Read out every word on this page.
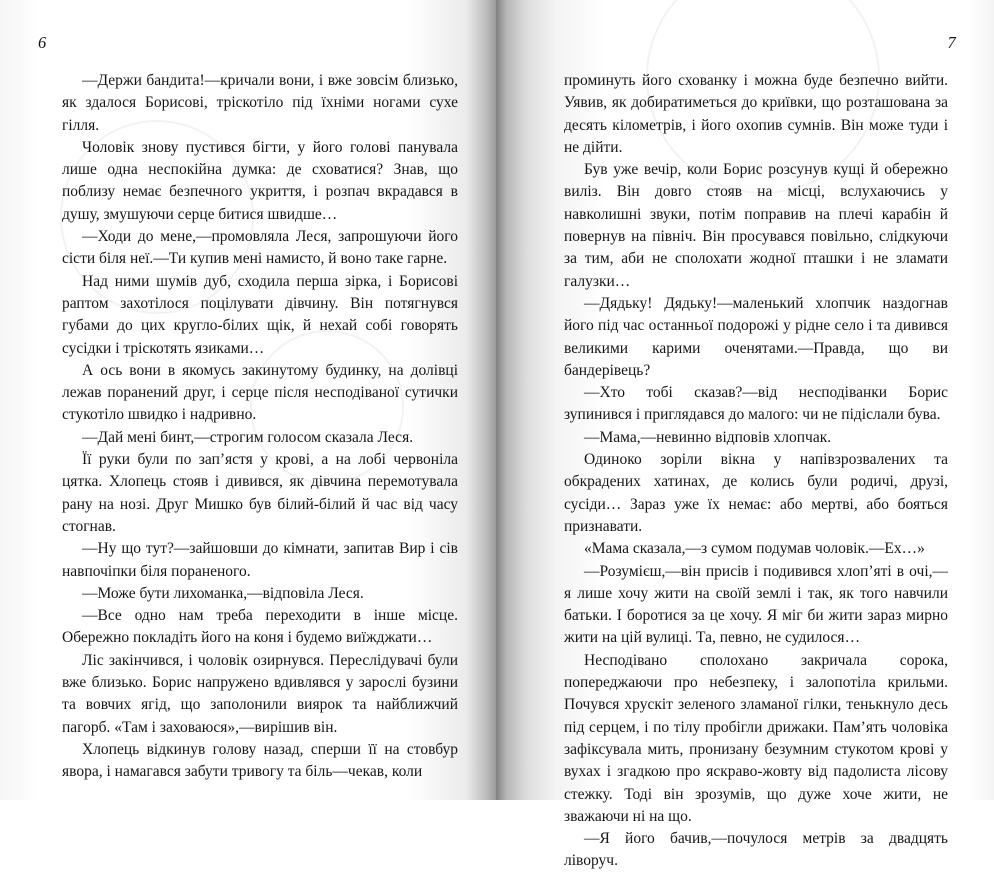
6

—Держи бандита!—кричали вони, і вже зовсім близько, як здалося Борисові, тріскотіло під їхніми ногами сухе гілля.

Чоловік знову пустився бігти, у його голові панувала лише одна неспокійна думка: де сховатися? Знав, що поблизу немає безпечного укриття, і розпач вкрадався в душу, змушуючи серце битися швидше…

—Ходи до мене,—промовляла Леся, запрошуючи його сісти біля неї.—Ти купив мені намисто, й воно таке гарне.

Над ними шумів дуб, сходила перша зірка, і Борисові раптом захотілося поцілувати дівчину. Він потягнувся губами до цих кругло-білих щік, й нехай собі говорять сусідки і тріскотять язиками…

А ось вони в якомусь закинутому будинку, на долівці лежав поранений друг, і серце після несподіваної сутички стукотіло швидко і надривно.

—Дай мені бинт,—строгим голосом сказала Леся.

Її руки були по зап’ястя у крові, а на лобі червоніла цятка. Хлопець стояв і дивився, як дівчина перемотувала рану на нозі. Друг Мишко був білий-білий й час від часу стогнав.

—Ну що тут?—зайшовши до кімнати, запитав Вир і сів навпочіпки біля пораненого.

—Може бути лихоманка,—відповіла Леся.

—Все одно нам треба переходити в інше місце. Обережно покладіть його на коня і будемо виїжджати…

Ліс закінчився, і чоловік озирнувся. Переслідувачі були вже близько. Борис напружено вдивлявся у зарослі бузини та вовчих ягід, що заполонили виярок та найближчий пагорб. «Там і заховаюся»,—вирішив він.

Хлопець відкинув голову назад, сперши її на стовбур явора, і намагався забути тривогу та біль—чекав, коли

7

проминуть його схованку і можна буде безпечно вийти. Уявив, як добиратиметься до криївки, що розташована за десять кілометрів, і його охопив сумнів. Він може туди і не дійти.

Був уже вечір, коли Борис розсунув кущі й обережно виліз. Він довго стояв на місці, вслухаючись у навколишні звуки, потім поправив на плечі карабін й повернув на північ. Він просувався повільно, слідкуючи за тим, аби не сполохати жодної пташки і не зламати галузки…

—Дядьку! Дядьку!—маленький хлопчик наздогнав його під час останньої подорожі у рідне село і та дивився великими карими оченятами.—Правда, що ви бандерівець?

—Хто тобі сказав?—від несподіванки Борис зупинився і приглядався до малого: чи не підіслали бува.

—Мама,—невинно відповів хлопчак.

Одиноко зоріли вікна у напівзрозвалених та обкрадених хатинах, де колись були родичі, друзі, сусіди… Зараз уже їх немає: або мертві, або бояться признавати.

«Мама сказала,—з сумом подумав чоловік.—Ех…»

—Розумієш,—він присів і подивився хлоп’яті в очі,—я лише хочу жити на своїй землі і так, як того навчили батьки. І боротися за це хочу. Я міг би жити зараз мирно жити на цій вулиці. Та, певно, не судилося…

Несподівано сполохано закричала сорока, попереджаючи про небезпеку, і залопотіла крильми. Почувся хрускіт зеленого зламаної гілки, тенькнуло десь під серцем, і по тілу пробігли дрижаки. Пам’ять чоловіка зафіксувала мить, пронизану безумним стукотом крові у вухах і згадкою про яскраво-жовту від падолиста лісову стежку. Тоді він зрозумів, що дуже хоче жити, не зважаючи ні на що.

—Я його бачив,—почулося метрів за двадцять ліворуч.
